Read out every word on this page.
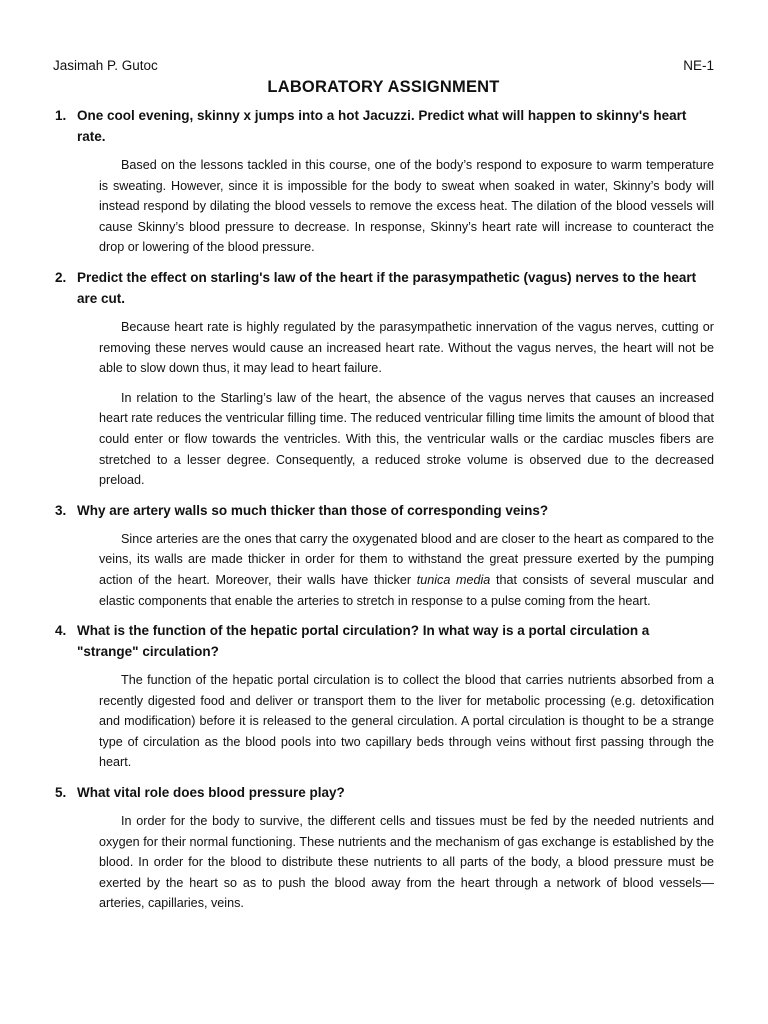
Jasimah P. Gutoc	NE-1
LABORATORY ASSIGNMENT
1. One cool evening, skinny x jumps into a hot Jacuzzi. Predict what will happen to skinny's heart rate.

Based on the lessons tackled in this course, one of the body’s respond to exposure to warm temperature is sweating. However, since it is impossible for the body to sweat when soaked in water, Skinny’s body will instead respond by dilating the blood vessels to remove the excess heat. The dilation of the blood vessels will cause Skinny’s blood pressure to decrease. In response, Skinny’s heart rate will increase to counteract the drop or lowering of the blood pressure.

2. Predict the effect on starling's law of the heart if the parasympathetic (vagus) nerves to the heart are cut.

Because heart rate is highly regulated by the parasympathetic innervation of the vagus nerves, cutting or removing these nerves would cause an increased heart rate. Without the vagus nerves, the heart will not be able to slow down thus, it may lead to heart failure.

In relation to the Starling’s law of the heart, the absence of the vagus nerves that causes an increased heart rate reduces the ventricular filling time. The reduced ventricular filling time limits the amount of blood that could enter or flow towards the ventricles. With this, the ventricular walls or the cardiac muscles fibers are stretched to a lesser degree. Consequently, a reduced stroke volume is observed due to the decreased preload.

3. Why are artery walls so much thicker than those of corresponding veins?

Since arteries are the ones that carry the oxygenated blood and are closer to the heart as compared to the veins, its walls are made thicker in order for them to withstand the great pressure exerted by the pumping action of the heart. Moreover, their walls have thicker tunica media that consists of several muscular and elastic components that enable the arteries to stretch in response to a pulse coming from the heart.

4. What is the function of the hepatic portal circulation? In what way is a portal circulation a "strange" circulation?

The function of the hepatic portal circulation is to collect the blood that carries nutrients absorbed from a recently digested food and deliver or transport them to the liver for metabolic processing (e.g. detoxification and modification) before it is released to the general circulation. A portal circulation is thought to be a strange type of circulation as the blood pools into two capillary beds through veins without first passing through the heart.

5. What vital role does blood pressure play?

In order for the body to survive, the different cells and tissues must be fed by the needed nutrients and oxygen for their normal functioning. These nutrients and the mechanism of gas exchange is established by the blood. In order for the blood to distribute these nutrients to all parts of the body, a blood pressure must be exerted by the heart so as to push the blood away from the heart through a network of blood vessels—arteries, capillaries, veins.
